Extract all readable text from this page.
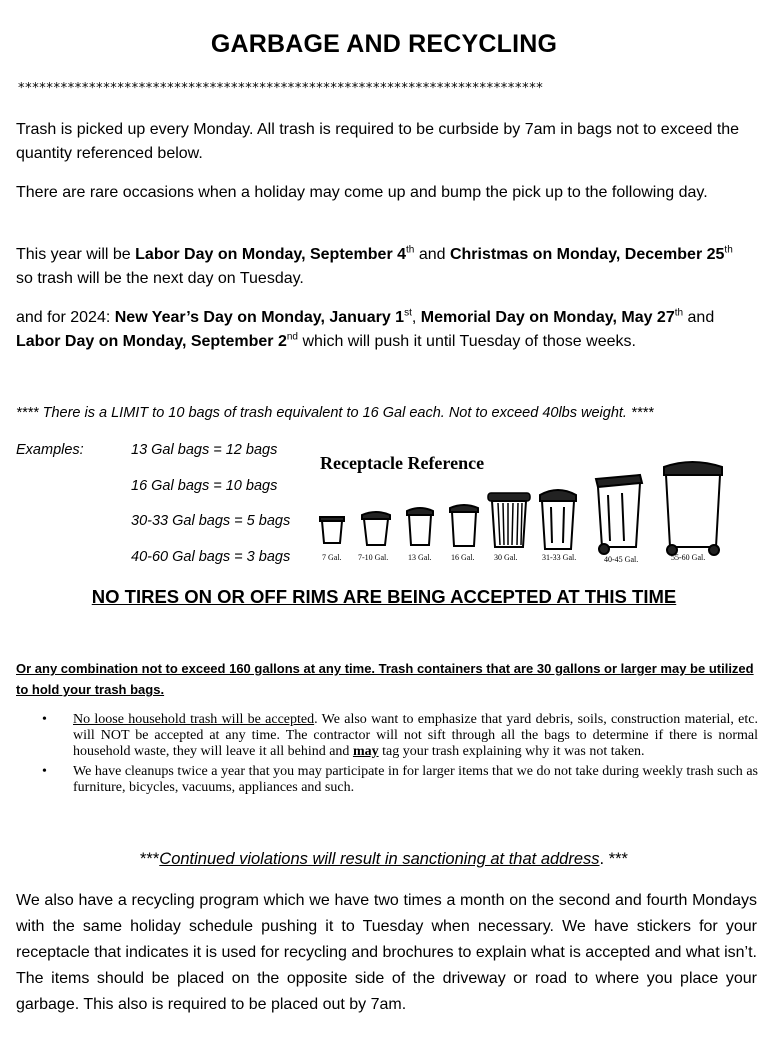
GARBAGE AND RECYCLING
**************************************************************************
Trash is picked up every Monday. All trash is required to be curbside by 7am in bags not to exceed the quantity referenced below.
There are rare occasions when a holiday may come up and bump the pick up to the following day.
This year will be Labor Day on Monday, September 4th and Christmas on Monday, December 25th so trash will be the next day on Tuesday.
and for 2024: New Year’s Day on Monday, January 1st, Memorial Day on Monday, May 27th and Labor Day on Monday, September 2nd which will push it until Tuesday of those weeks.
**** There is a LIMIT to 10 bags of trash equivalent to 16 Gal each. Not to exceed 40lbs weight. ****
Examples:	13 Gal bags = 12 bags
16 Gal bags = 10 bags
30-33 Gal bags = 5 bags
40-60 Gal bags = 3 bags
Receptacle Reference
7 Gal. 7-10 Gal. 13 Gal. 16 Gal. 30 Gal.	31-33 Gal.	40-45 Gal.	55-60 Gal.
NO TIRES ON OR OFF RIMS ARE BEING ACCEPTED AT THIS TIME
Or any combination not to exceed 160 gallons at any time. Trash containers that are 30 gallons or larger may be utilized to hold your trash bags.
•	No loose household trash will be accepted. We also want to emphasize that yard debris, soils, construction material, etc. will NOT be accepted at any time. The contractor will not sift through all the bags to determine if there is normal household waste, they will leave it all behind and may tag your trash explaining why it was not taken.
•	We have cleanups twice a year that you may participate in for larger items that we do not take during weekly trash such as furniture, bicycles, vacuums, appliances and such.
***Continued violations will result in sanctioning at that address. ***
We also have a recycling program which we have two times a month on the second and fourth Mondays with the same holiday schedule pushing it to Tuesday when necessary. We have stickers for your receptacle that indicates it is used for recycling and brochures to explain what is accepted and what isn’t. The items should be placed on the opposite side of the driveway or road to where you place your garbage. This also is required to be placed out by 7am.
